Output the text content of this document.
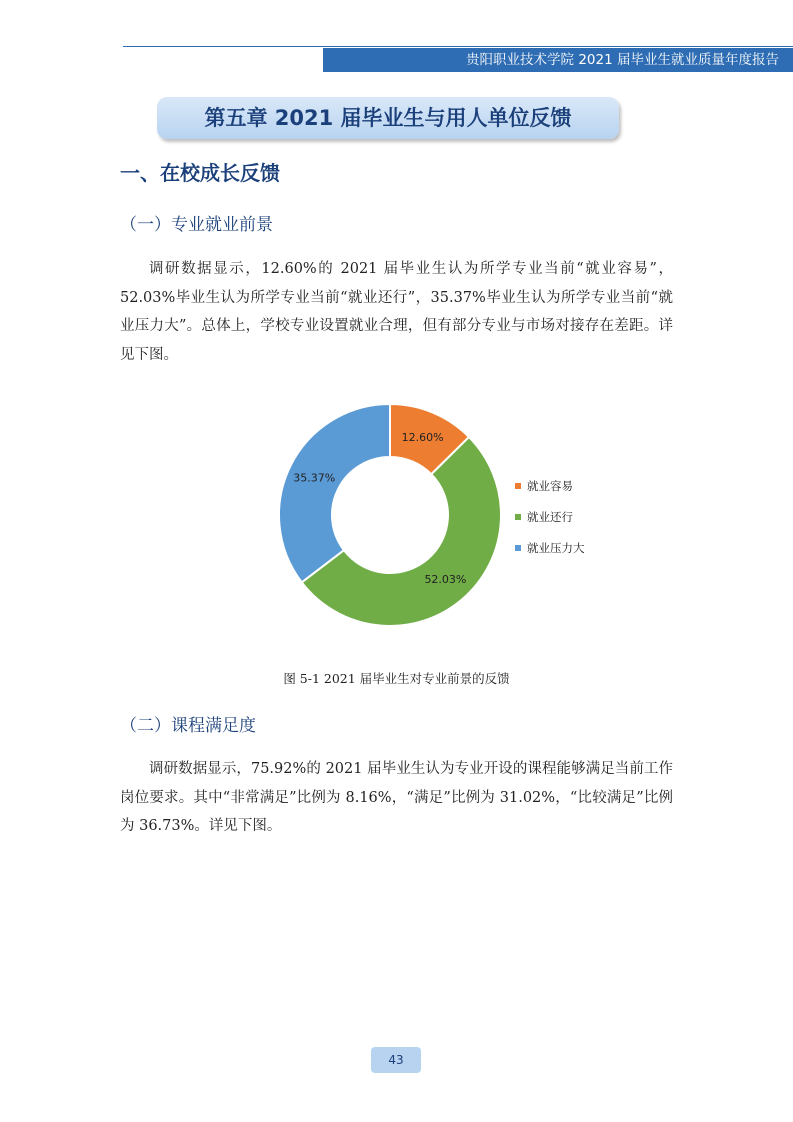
贵阳职业技术学院 2021 届毕业生就业质量年度报告
第五章 2021 届毕业生与用人单位反馈
一、在校成长反馈
（一）专业就业前景
调研数据显示，12.60%的 2021 届毕业生认为所学专业当前“就业容易”，52.03%毕业生认为所学专业当前“就业还行”，35.37%毕业生认为所学专业当前“就业压力大”。总体上，学校专业设置就业合理，但有部分专业与市场对接存在差距。详见下图。
12.60%
52.03%
35.37%
就业容易
就业还行
就业压力大
图 5-1 2021 届毕业生对专业前景的反馈
（二）课程满足度
调研数据显示，75.92%的 2021 届毕业生认为专业开设的课程能够满足当前工作岗位要求。其中“非常满足”比例为 8.16%，“满足”比例为 31.02%，“比较满足”比例为 36.73%。详见下图。
43
